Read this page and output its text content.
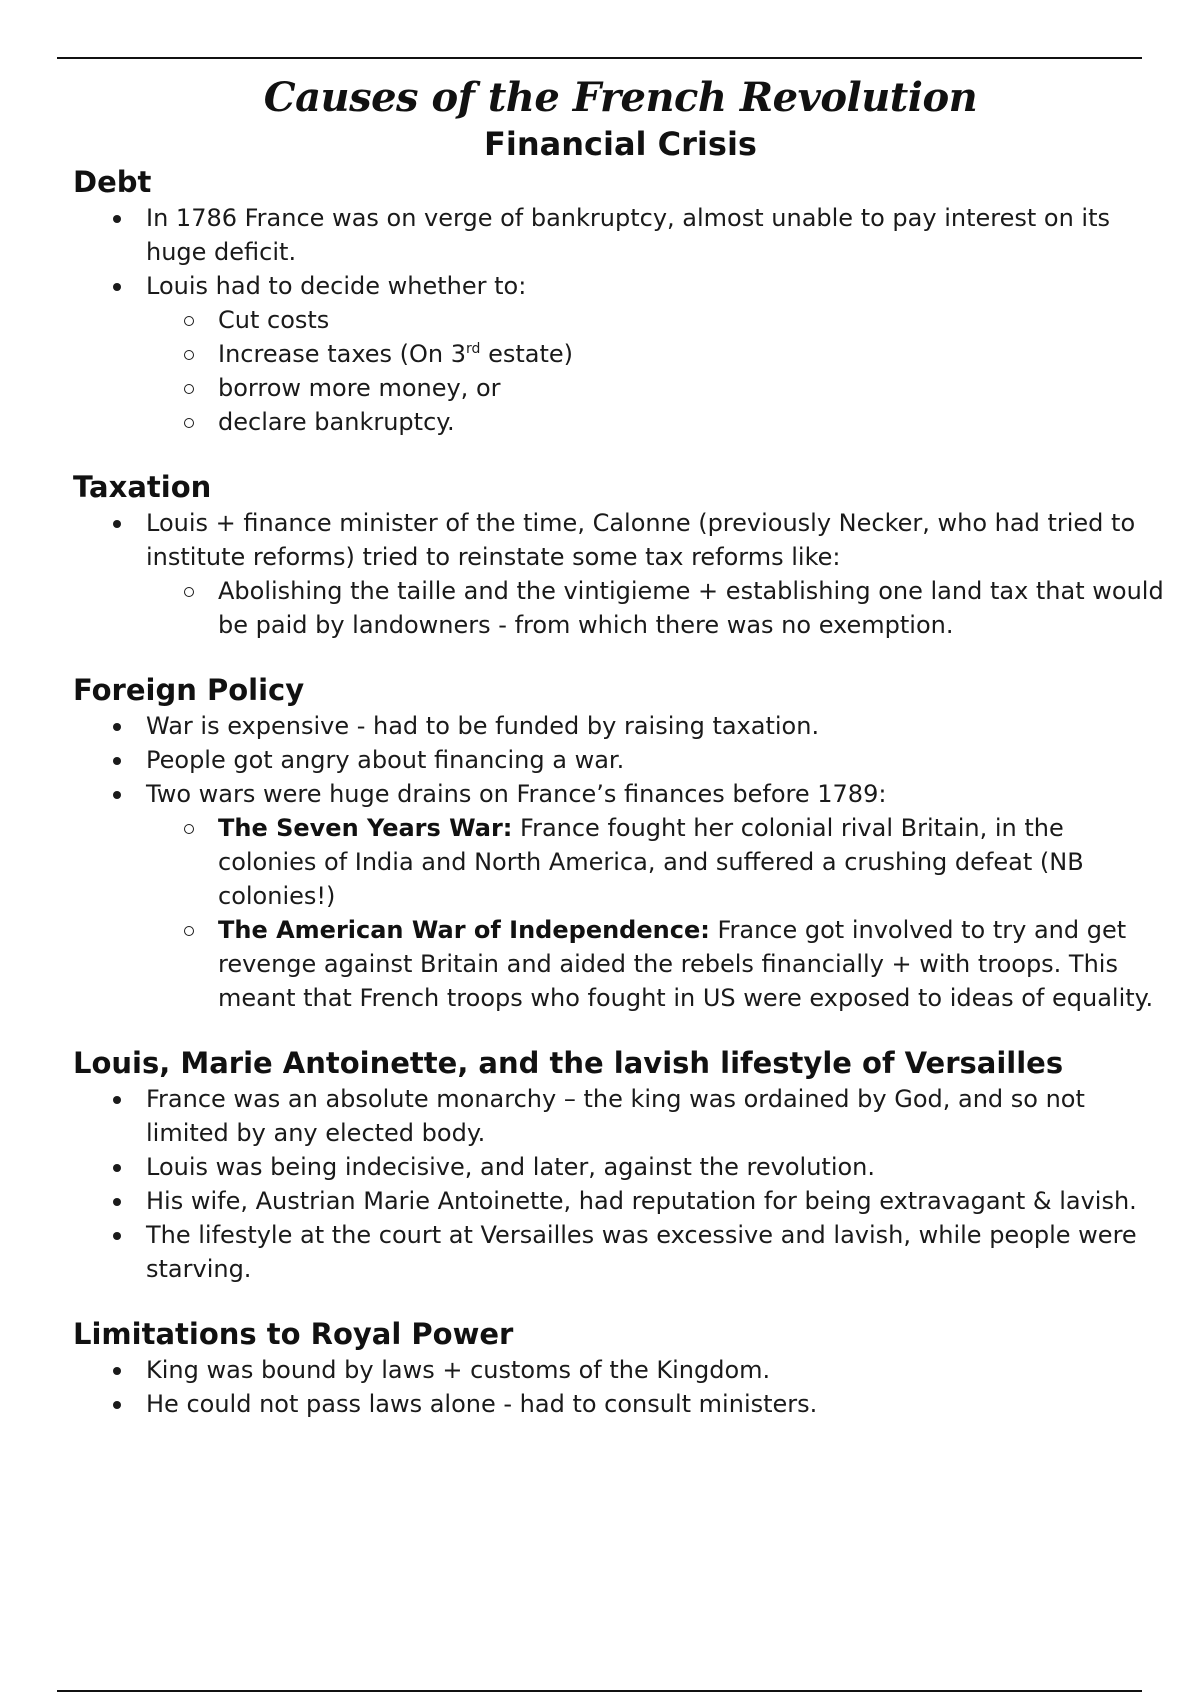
Causes of the French Revolution
Financial Crisis
Debt
In 1786 France was on verge of bankruptcy, almost unable to pay interest on its huge deficit.
Louis had to decide whether to:
Cut costs
Increase taxes (On 3rd estate)
borrow more money, or
declare bankruptcy.
Taxation
Louis + finance minister of the time, Calonne (previously Necker, who had tried to institute reforms) tried to reinstate some tax reforms like:
Abolishing the taille and the vintigieme + establishing one land tax that would be paid by landowners - from which there was no exemption.
Foreign Policy
War is expensive - had to be funded by raising taxation.
People got angry about financing a war.
Two wars were huge drains on France’s finances before 1789:
The Seven Years War: France fought her colonial rival Britain, in the colonies of India and North America, and suffered a crushing defeat (NB colonies!)
The American War of Independence: France got involved to try and get revenge against Britain and aided the rebels financially + with troops. This meant that French troops who fought in US were exposed to ideas of equality.
Louis, Marie Antoinette, and the lavish lifestyle of Versailles
France was an absolute monarchy – the king was ordained by God, and so not limited by any elected body.
Louis was being indecisive, and later, against the revolution.
His wife, Austrian Marie Antoinette, had reputation for being extravagant & lavish.
The lifestyle at the court at Versailles was excessive and lavish, while people were starving.
Limitations to Royal Power
King was bound by laws + customs of the Kingdom.
He could not pass laws alone - had to consult ministers.
